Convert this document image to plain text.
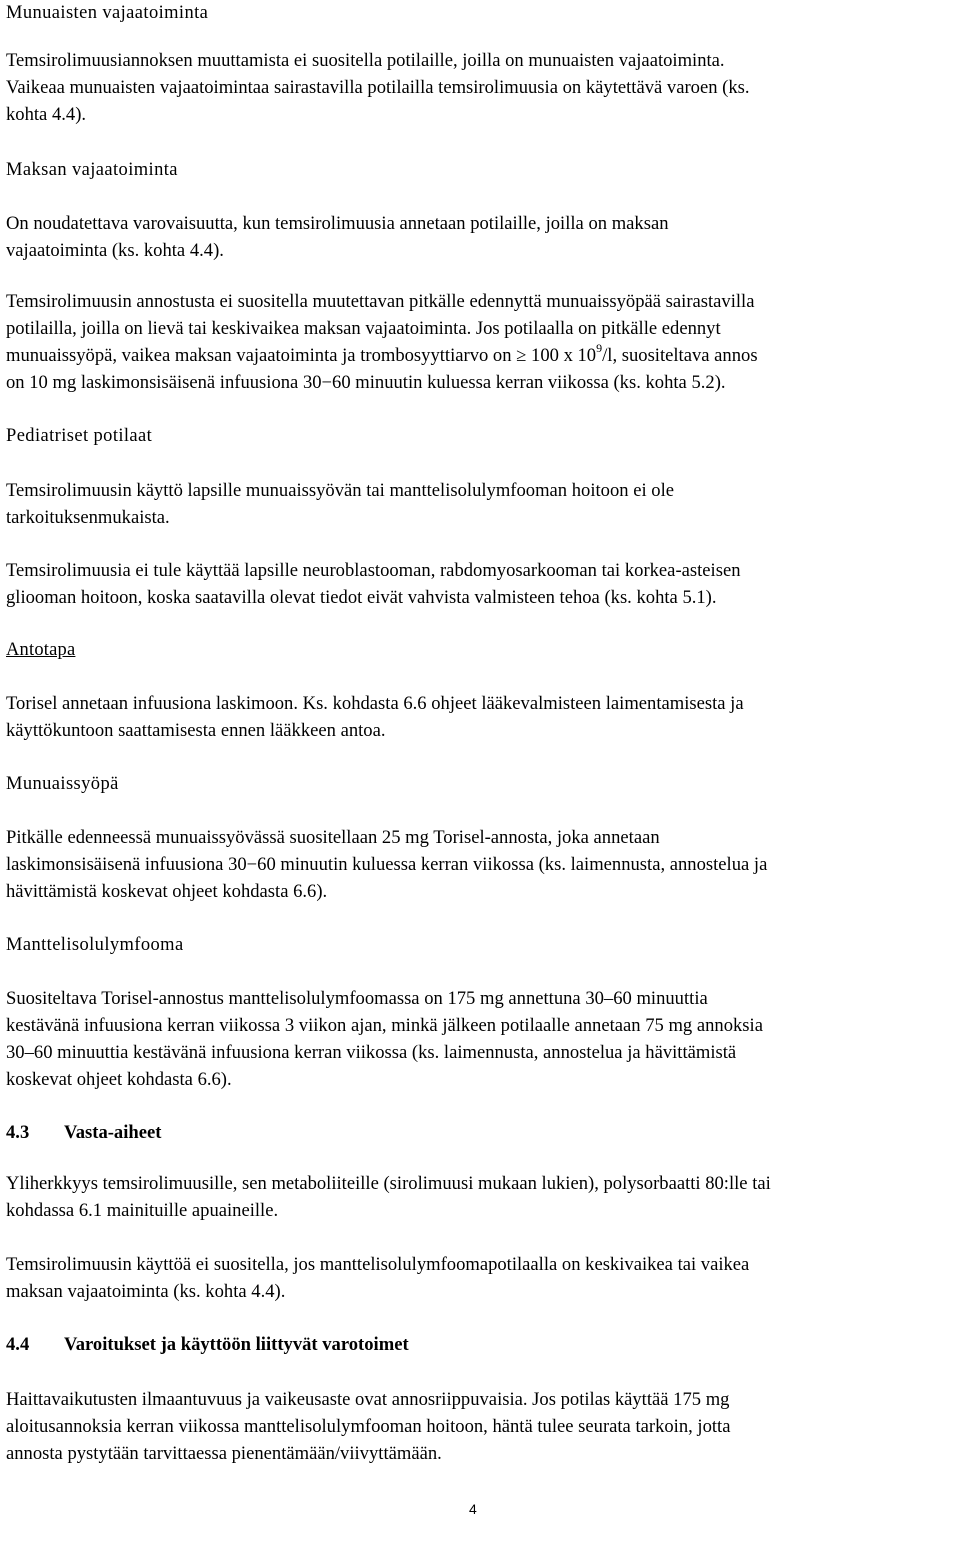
Munuaisten vajaatoiminta

Temsirolimuusiannoksen muuttamista ei suositella potilaille, joilla on munuaisten vajaatoiminta.
Vaikeaa munuaisten vajaatoimintaa sairastavilla potilailla temsirolimuusia on käytettävä varoen (ks.
kohta 4.4).

Maksan vajaatoiminta

On noudatettava varovaisuutta, kun temsirolimuusia annetaan potilaille, joilla on maksan
vajaatoiminta (ks. kohta 4.4).

Temsirolimuusin annostusta ei suositella muutettavan pitkälle edennyttä munuaissyöpää sairastavilla
potilailla, joilla on lievä tai keskivaikea maksan vajaatoiminta. Jos potilaalla on pitkälle edennyt
munuaissyöpä, vaikea maksan vajaatoiminta ja trombosyyttiarvo on ≥ 100 x $10^9/l$, suositeltava annos
on 10 mg laskimonsisäisenä infuusiona 30−60 minuutin kuluessa kerran viikossa (ks. kohta 5.2).

Pediatriset potilaat

Temsirolimuusin käyttö lapsille munuaissyövän tai manttelisolulymfooman hoitoon ei ole
tarkoituksenmukaista.

Temsirolimuusia ei tule käyttää lapsille neuroblastooman, rabdomyosarkooman tai korkea-asteisen
gliooman hoitoon, koska saatavilla olevat tiedot eivät vahvista valmisteen tehoa (ks. kohta 5.1).

Antotapa

Torisel annetaan infuusiona laskimoon. Ks. kohdasta 6.6 ohjeet lääkevalmisteen laimentamisesta ja
käyttökuntoon saattamisesta ennen lääkkeen antoa.

Munuaissyöpä

Pitkälle edenneessä munuaissyövässä suositellaan 25 mg Torisel-annosta, joka annetaan
laskimonsisäisenä infuusiona 30−60 minuutin kuluessa kerran viikossa (ks. laimennusta, annostelua ja
hävittämistä koskevat ohjeet kohdasta 6.6).

Manttelisolulymfooma

Suositeltava Torisel-annostus manttelisolulymfoomassa on 175 mg annettuna 30–60 minuuttia
kestävänä infuusiona kerran viikossa 3 viikon ajan, minkä jälkeen potilaalle annetaan 75 mg annoksia
30–60 minuuttia kestävänä infuusiona kerran viikossa (ks. laimennusta, annostelua ja hävittämistä
koskevat ohjeet kohdasta 6.6).

4.3 Vasta-aiheet

Yliherkkyys temsirolimuusille, sen metaboliiteille (sirolimuusi mukaan lukien), polysorbaatti 80:lle tai
kohdassa 6.1 mainituille apuaineille.

Temsirolimuusin käyttöä ei suositella, jos manttelisolulymfoomapotilaalla on keskivaikea tai vaikea
maksan vajaatoiminta (ks. kohta 4.4).

4.4 Varoitukset ja käyttöön liittyvät varotoimet

Haittavaikutusten ilmaantuvuus ja vaikeusaste ovat annosriippuvaisia. Jos potilas käyttää 175 mg
aloitusannoksia kerran viikossa manttelisolulymfooman hoitoon, häntä tulee seurata tarkoin, jotta
annosta pystytään tarvittaessa pienentämään/viivyttämään.

4
